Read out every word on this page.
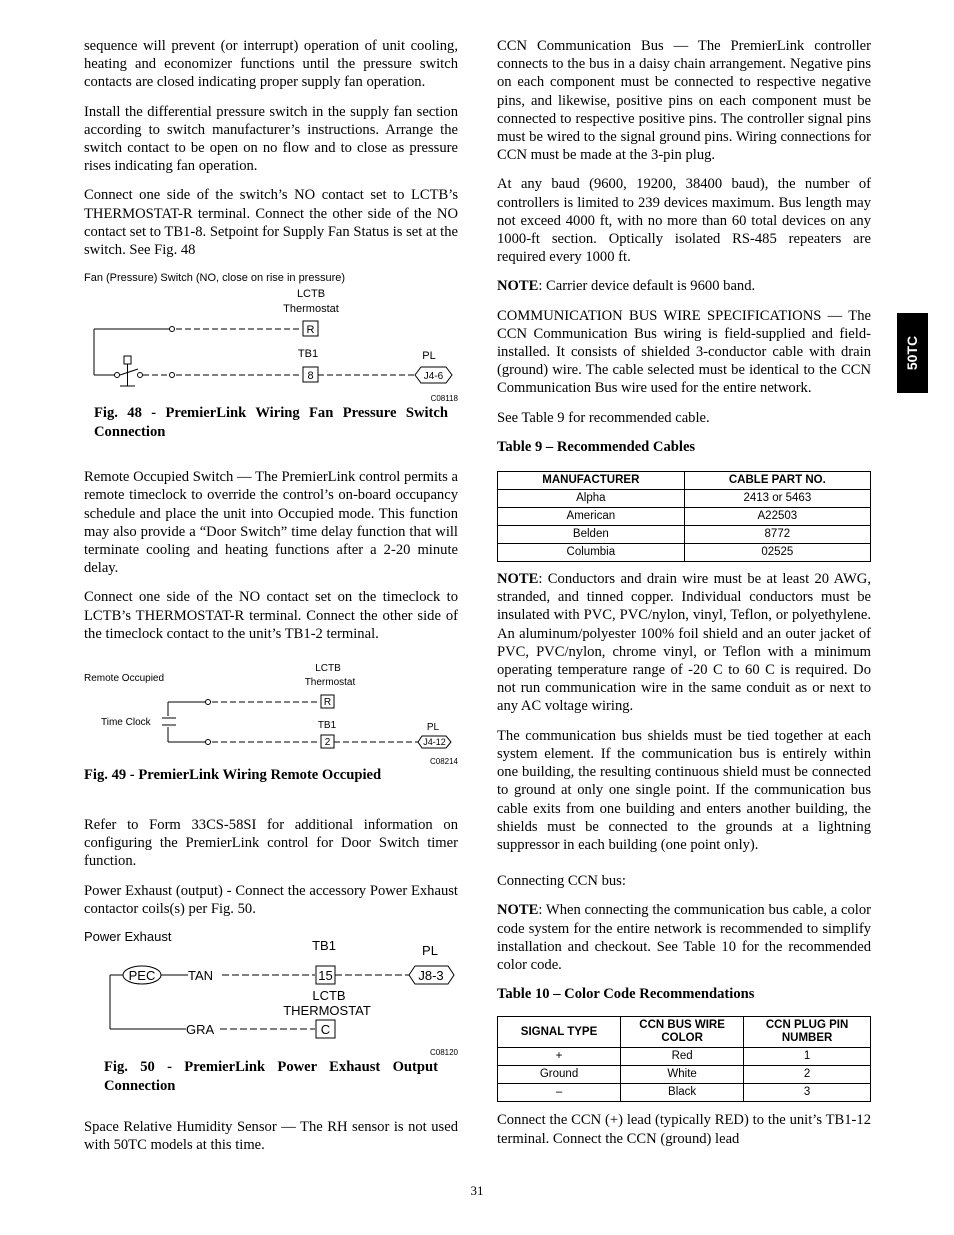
sequence will prevent (or interrupt) operation of unit cooling, heating and economizer functions until the pressure switch contacts are closed indicating proper supply fan operation.

Install the differential pressure switch in the supply fan section according to switch manufacturer’s instructions. Arrange the switch contact to be open on no flow and to close as pressure rises indicating fan operation.

Connect one side of the switch’s NO contact set to LCTB’s THERMOSTAT-R terminal. Connect the other side of the NO contact set to TB1-8. Setpoint for Supply Fan Status is set at the switch. See Fig. 48

Fan (Pressure) Switch (NO, close on rise in pressure)
LCTB
Thermostat
R
TB1
8
PL
J4-6
C08118

Fig. 48 - PremierLink Wiring Fan Pressure Switch Connection

Remote Occupied Switch — The PremierLink control permits a remote timeclock to override the control’s on-board occupancy schedule and place the unit into Occupied mode. This function may also provide a “Door Switch” time delay function that will terminate cooling and heating functions after a 2-20 minute delay.

Connect one side of the NO contact set on the timeclock to LCTB’s THERMOSTAT-R terminal. Connect the other side of the timeclock contact to the unit’s TB1-2 terminal.

Remote Occupied
LCTB
Thermostat
R
Time Clock	TB1
2
PL
J4-12
C08214

Fig. 49 - PremierLink Wiring Remote Occupied

Refer to Form 33CS-58SI for additional information on configuring the PremierLink control for Door Switch timer function.

Power Exhaust (output) - Connect the accessory Power Exhaust contactor coils(s) per Fig. 50.

Power Exhaust
TB1	PL
PEC	TAN	15	J8-3
LCTB
THERMOSTAT
GRA	C
C08120

Fig. 50 - PremierLink Power Exhaust Output Connection

Space Relative Humidity Sensor — The RH sensor is not used with 50TC models at this time.

CCN Communication Bus — The PremierLink controller connects to the bus in a daisy chain arrangement. Negative pins on each component must be connected to respective negative pins, and likewise, positive pins on each component must be connected to respective positive pins. The controller signal pins must be wired to the signal ground pins. Wiring connections for CCN must be made at the 3-pin plug.

At any baud (9600, 19200, 38400 baud), the number of controllers is limited to 239 devices maximum. Bus length may not exceed 4000 ft, with no more than 60 total devices on any 1000-ft section. Optically isolated RS-485 repeaters are required every 1000 ft.

NOTE: Carrier device default is 9600 band.

COMMUNICATION BUS WIRE SPECIFICATIONS — The CCN Communication Bus wiring is field-supplied and field-installed. It consists of shielded 3-conductor cable with drain (ground) wire. The cable selected must be identical to the CCN Communication Bus wire used for the entire network.

See Table 9 for recommended cable.

Table 9 – Recommended Cables

MANUFACTURER	CABLE PART NO.
Alpha	2413 or 5463
American	A22503
Belden	8772
Columbia	02525

NOTE: Conductors and drain wire must be at least 20 AWG, stranded, and tinned copper. Individual conductors must be insulated with PVC, PVC/nylon, vinyl, Teflon, or polyethylene. An aluminum/polyester 100% foil shield and an outer jacket of PVC, PVC/nylon, chrome vinyl, or Teflon with a minimum operating temperature range of -20 C to 60 C is required. Do not run communication wire in the same conduit as or next to any AC voltage wiring.

The communication bus shields must be tied together at each system element. If the communication bus is entirely within one building, the resulting continuous shield must be connected to ground at only one single point. If the communication bus cable exits from one building and enters another building, the shields must be connected to the grounds at a lightning suppressor in each building (one point only).

Connecting CCN bus:

NOTE: When connecting the communication bus cable, a color code system for the entire network is recommended to simplify installation and checkout. See Table 10 for the recommended color code.

Table 10 – Color Code Recommendations

SIGNAL TYPE	CCN BUS WIRE COLOR	CCN PLUG PIN NUMBER
+	Red	1
Ground	White	2
–	Black	3

Connect the CCN (+) lead (typically RED) to the unit’s TB1-12 terminal. Connect the CCN (ground) lead

50TC
31
